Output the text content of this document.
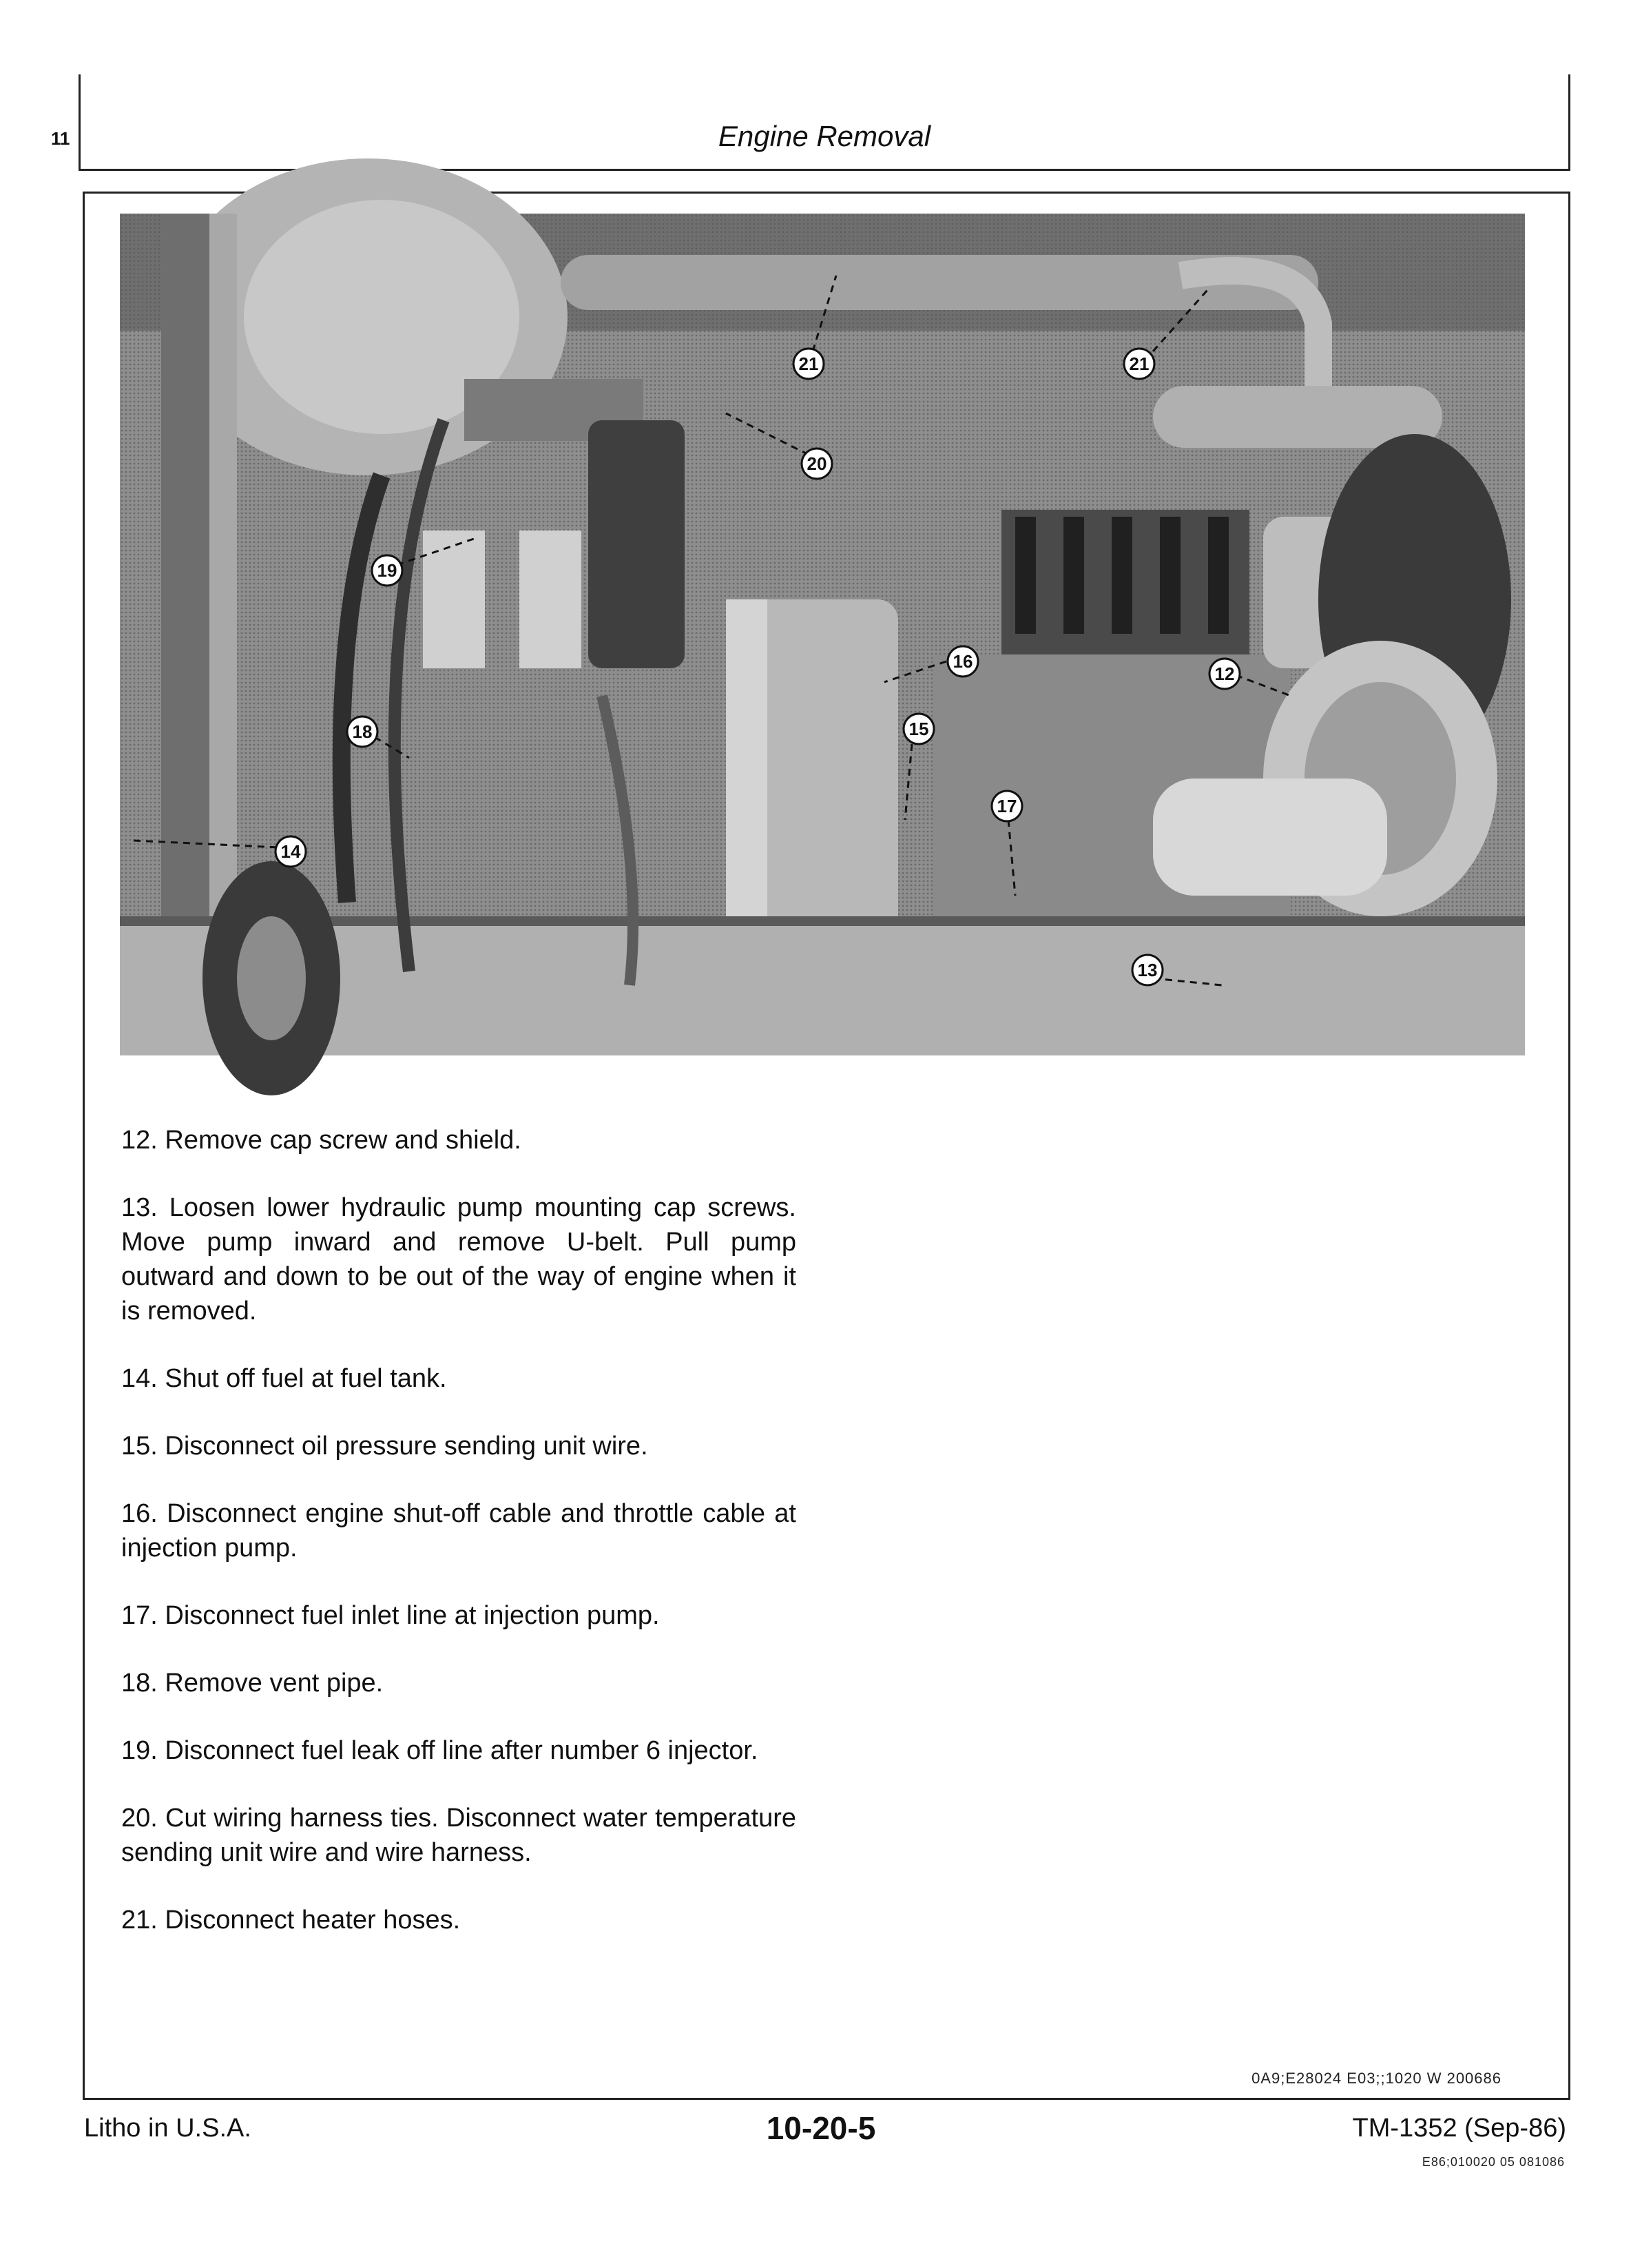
Engine Removal
21	21
20
19
16
15
12
17
13
18
14
11

12. Remove cap screw and shield.

13. Loosen lower hydraulic pump mounting cap screws. Move pump inward and remove U-belt. Pull pump outward and down to be out of the way of engine when it is removed.

14. Shut off fuel at fuel tank.

15. Disconnect oil pressure sending unit wire.

16. Disconnect engine shut-off cable and throttle cable at injection pump.

17. Disconnect fuel inlet line at injection pump.

18. Remove vent pipe.

19. Disconnect fuel leak off line after number 6 injector.

20. Cut wiring harness ties. Disconnect water temperature sending unit wire and wire harness.

21. Disconnect heater hoses.

0A9;E28024 E03;;1020 W 200686
Litho in U.S.A.	10-20-5	TM-1352 (Sep-86)
E86;010020 05 081086
